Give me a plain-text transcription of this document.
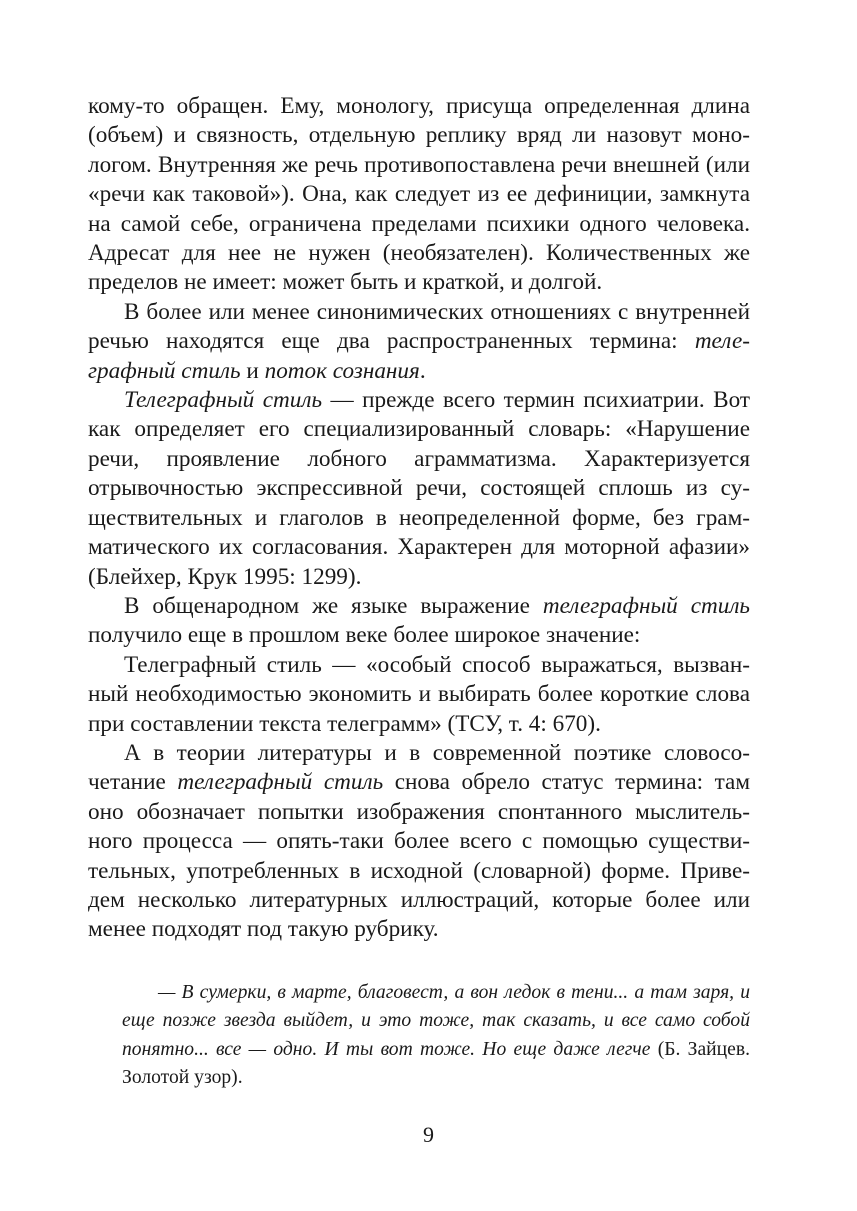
кому-то обращен. Ему, монологу, присуща определенная длина (объем) и связность, отдельную реплику вряд ли назовут монологом. Внутренняя же речь противопоставлена речи внешней (или «речи как таковой»). Она, как следует из ее дефиниции, замкнута на самой себе, ограничена пределами психики одного человека. Адресат для нее не нужен (необязателен). Количественных же пределов не имеет: может быть и краткой, и долгой.

В более или менее синонимических отношениях с внутренней речью находятся еще два распространенных термина: телеграфный стиль и поток сознания.

Телеграфный стиль — прежде всего термин психиатрии. Вот как определяет его специализированный словарь: «Нарушение речи, проявление лобного аграмматизма. Характеризуется отрывочностью экспрессивной речи, состоящей сплошь из существительных и глаголов в неопределенной форме, без грамматического их согласования. Характерен для моторной афазии» (Блейхер, Крук 1995: 1299).

В общенародном же языке выражение телеграфный стиль получило еще в прошлом веке более широкое значение:

Телеграфный стиль — «особый способ выражаться, вызванный необходимостью экономить и выбирать более короткие слова при составлении текста телеграмм» (ТСУ, т. 4: 670).

А в теории литературы и в современной поэтике словосочетание телеграфный стиль снова обрело статус термина: там оно обозначает попытки изображения спонтанного мыслительного процесса — опять-таки более всего с помощью существительных, употребленных в исходной (словарной) форме. Приведем несколько литературных иллюстраций, которые более или менее подходят под такую рубрику.

— В сумерки, в марте, благовест, а вон ледок в тени... а там заря, и еще позже звезда выйдет, и это тоже, так сказать, и все само собой понятно... все — одно. И ты вот тоже. Но еще даже легче (Б. Зайцев. Золотой узор).

9
